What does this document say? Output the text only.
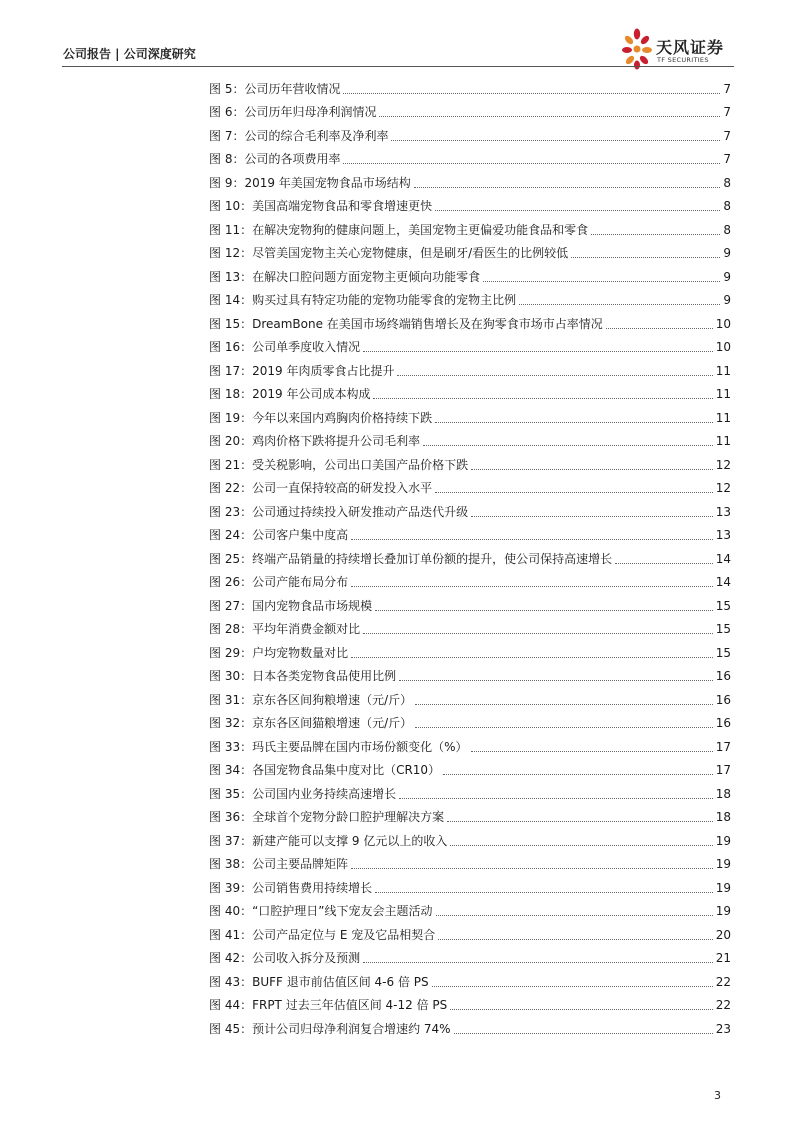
公司报告 | 公司深度研究	天风证券
TF SECURITIES
图 5：公司历年营收情况	7
图 6：公司历年归母净利润情况	7
图 7：公司的综合毛利率及净利率	7
图 8：公司的各项费用率	7
图 9：2019 年美国宠物食品市场结构	8
图 10：美国高端宠物食品和零食增速更快	8
图 11：在解决宠物狗的健康问题上，美国宠物主更偏爱功能食品和零食	8
图 12：尽管美国宠物主关心宠物健康，但是刷牙/看医生的比例较低	9
图 13：在解决口腔问题方面宠物主更倾向功能零食	9
图 14：购买过具有特定功能的宠物功能零食的宠物主比例	9
图 15：DreamBone 在美国市场终端销售增长及在狗零食市场市占率情况	10
图 16：公司单季度收入情况	10
图 17：2019 年肉质零食占比提升	11
图 18：2019 年公司成本构成	11
图 19：今年以来国内鸡胸肉价格持续下跌	11
图 20：鸡肉价格下跌将提升公司毛利率	11
图 21：受关税影响，公司出口美国产品价格下跌	12
图 22：公司一直保持较高的研发投入水平	12
图 23：公司通过持续投入研发推动产品迭代升级	13
图 24：公司客户集中度高	13
图 25：终端产品销量的持续增长叠加订单份额的提升，使公司保持高速增长	14
图 26：公司产能布局分布	14
图 27：国内宠物食品市场规模	15
图 28：平均年消费金额对比	15
图 29：户均宠物数量对比	15
图 30：日本各类宠物食品使用比例	16
图 31：京东各区间狗粮增速（元/斤）	16
图 32：京东各区间猫粮增速（元/斤）	16
图 33：玛氏主要品牌在国内市场份额变化（%）	17
图 34：各国宠物食品集中度对比（CR10）	17
图 35：公司国内业务持续高速增长	18
图 36：全球首个宠物分龄口腔护理解决方案	18
图 37：新建产能可以支撑 9 亿元以上的收入	19
图 38：公司主要品牌矩阵	19
图 39：公司销售费用持续增长	19
图 40：“口腔护理日”线下宠友会主题活动	19
图 41：公司产品定位与 E 宠及它品相契合	20
图 42：公司收入拆分及预测	21
图 43：BUFF 退市前估值区间 4-6 倍 PS	22
图 44：FRPT 过去三年估值区间 4-12 倍 PS	22
图 45：预计公司归母净利润复合增速约 74%	23
3
